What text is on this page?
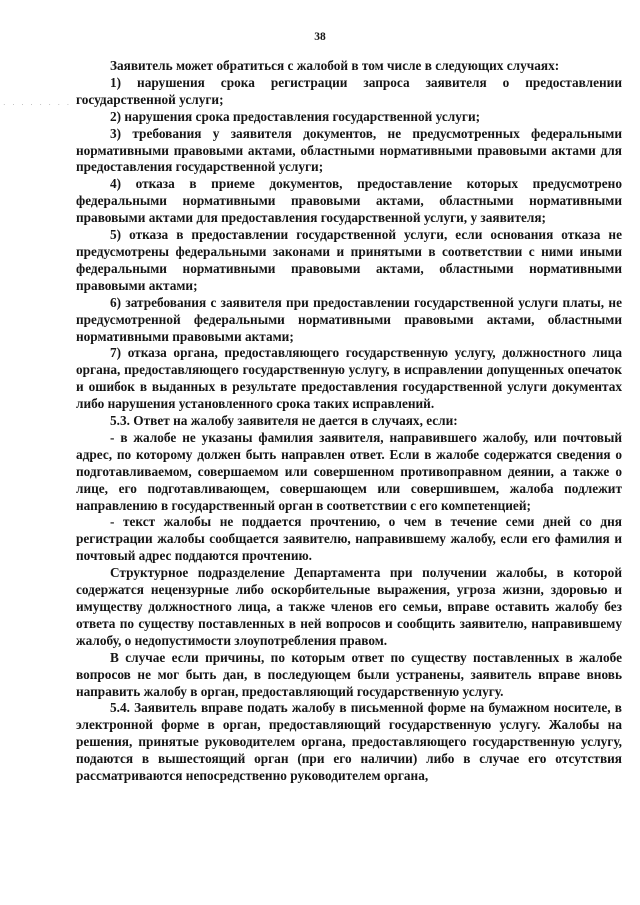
38
. . . . . . . .

Заявитель может обратиться с жалобой в том числе в следующих случаях:

1) нарушения срока регистрации запроса заявителя о предоставлении государственной услуги;

2) нарушения срока предоставления государственной услуги;

3) требования у заявителя документов, не предусмотренных федеральными нормативными правовыми актами, областными нормативными правовыми актами для предоставления государственной услуги;

4) отказа в приеме документов, предоставление которых предусмотрено федеральными нормативными правовыми актами, областными нормативными правовыми актами для предоставления государственной услуги, у заявителя;

5) отказа в предоставлении государственной услуги, если основания отказа не предусмотрены федеральными законами и принятыми в соответствии с ними иными федеральными нормативными правовыми актами, областными нормативными правовыми актами;

6) затребования с заявителя при предоставлении государственной услуги платы, не предусмотренной федеральными нормативными правовыми актами, областными нормативными правовыми актами;

7) отказа органа, предоставляющего государственную услугу, должностного лица органа, предоставляющего государственную услугу, в исправлении допущенных опечаток и ошибок в выданных в результате предоставления государственной услуги документах либо нарушения установленного срока таких исправлений.

5.3. Ответ на жалобу заявителя не дается в случаях, если:

- в жалобе не указаны фамилия заявителя, направившего жалобу, или почтовый адрес, по которому должен быть направлен ответ. Если в жалобе содержатся сведения о подготавливаемом, совершаемом или совершенном противоправном деянии, а также о лице, его подготавливающем, совершающем или совершившем, жалоба подлежит направлению в государственный орган в соответствии с его компетенцией;

- текст жалобы не поддается прочтению, о чем в течение семи дней со дня регистрации жалобы сообщается заявителю, направившему жалобу, если его фамилия и почтовый адрес поддаются прочтению.

Структурное подразделение Департамента при получении жалобы, в которой содержатся нецензурные либо оскорбительные выражения, угроза жизни, здоровью и имуществу должностного лица, а также членов его семьи, вправе оставить жалобу без ответа по существу поставленных в ней вопросов и сообщить заявителю, направившему жалобу, о недопустимости злоупотребления правом.

В случае если причины, по которым ответ по существу поставленных в жалобе вопросов не мог быть дан, в последующем были устранены, заявитель вправе вновь направить жалобу в орган, предоставляющий государственную услугу.

5.4. Заявитель вправе подать жалобу в письменной форме на бумажном носителе, в электронной форме в орган, предоставляющий государственную услугу. Жалобы на решения, принятые руководителем органа, предоставляющего государственную услугу, подаются в вышестоящий орган (при его наличии) либо в случае его отсутствия рассматриваются непосредственно руководителем органа,
